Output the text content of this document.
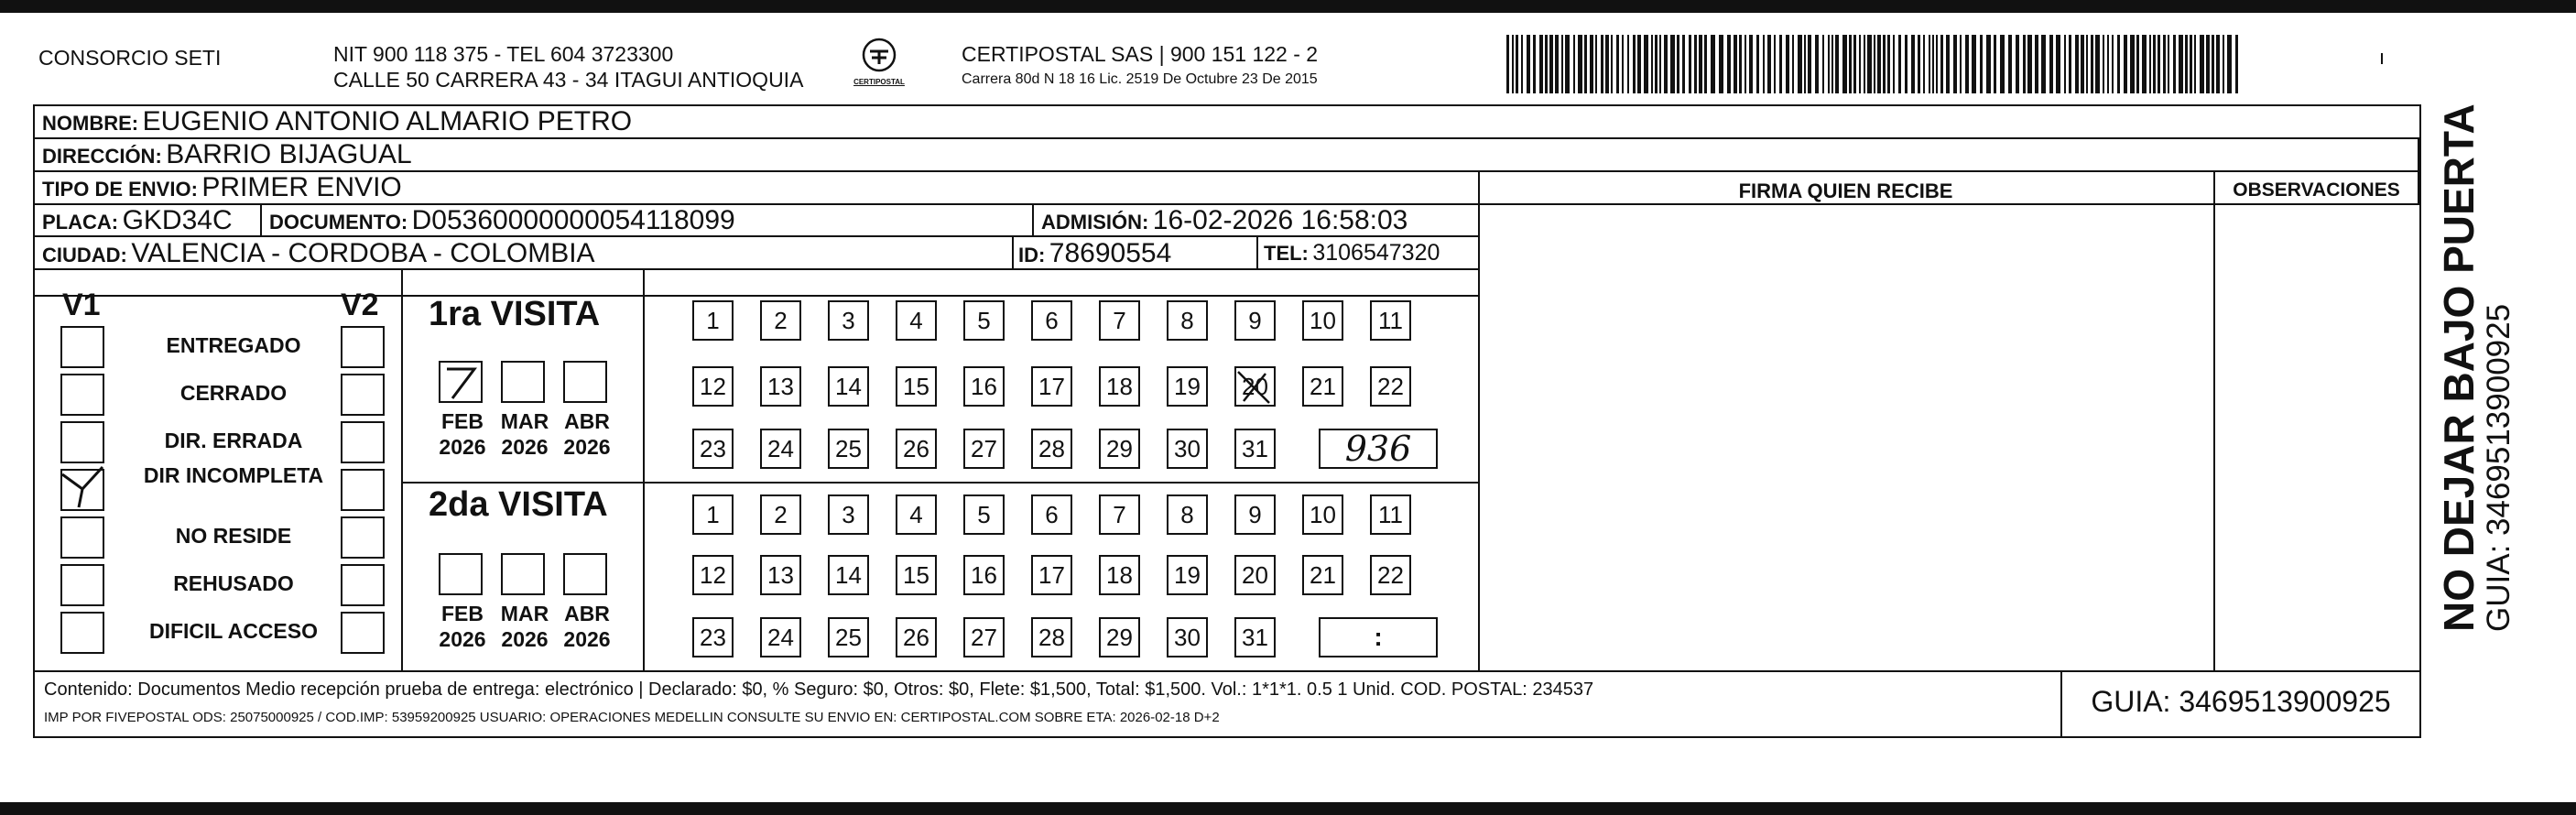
CONSORCIO SETI	NIT 900 118 375 - TEL 604 3723300
CALLE 50 CARRERA 43 - 34 ITAGUI ANTIOQUIA	CERTIPOSTAL
CERTIPOSTAL SAS | 900 151 122 - 2
Carrera 80d N 18 16 Lic. 2519 De Octubre 23 De 2015
NOMBRE: EUGENIO ANTONIO ALMARIO PETRO
DIRECCIÓN: BARRIO BIJAGUAL
TIPO DE ENVIO: PRIMER ENVIO	FIRMA QUIEN RECIBE	OBSERVACIONES
PLACA: GKD34C DOCUMENTO: D05360000000054118099	ADMISIÓN: 16-02-2026 16:58:03
CIUDAD: VALENCIA - CORDOBA - COLOMBIA	ID: 78690554	TEL: 3106547320
V1	V2
ENTREGADO
CERRADO
DIR. ERRADA
DIR INCOMPLETA
NO RESIDE
REHUSADO
DIFICIL ACCESO
1ra VISITA
2da VISITA
1	2	3	4	5	6	7	8	9	10	11
12	13	14	15	16	17	18	19	20	21	22
23	24	25	26	27	28	29	30	31	936
1	2	3	4	5	6	7	8	9	10	11
12	13	14	15	16	17	18	19	20	21	22
23	24	25	26	27	28	29	30	31	:
FEB
2026
MAR
2026
ABR
2026
FEB
2026
MAR
2026
ABR
2026
Contenido: Documentos Medio recepción prueba de entrega: electrónico | Declarado: $0, % Seguro: $0, Otros: $0, Flete: $1,500, Total: $1,500. Vol.: 1*1*1. 0.5 1 Unid. COD. POSTAL: 234537
IMP POR FIVEPOSTAL ODS: 25075000925 / COD.IMP: 53959200925 USUARIO: OPERACIONES MEDELLIN CONSULTE SU ENVIO EN: CERTIPOSTAL.COM SOBRE ETA: 2026-02-18 D+2	GUIA: 3469513900925
NO DEJAR BAJO PUERTA
GUIA: 3469513900925
